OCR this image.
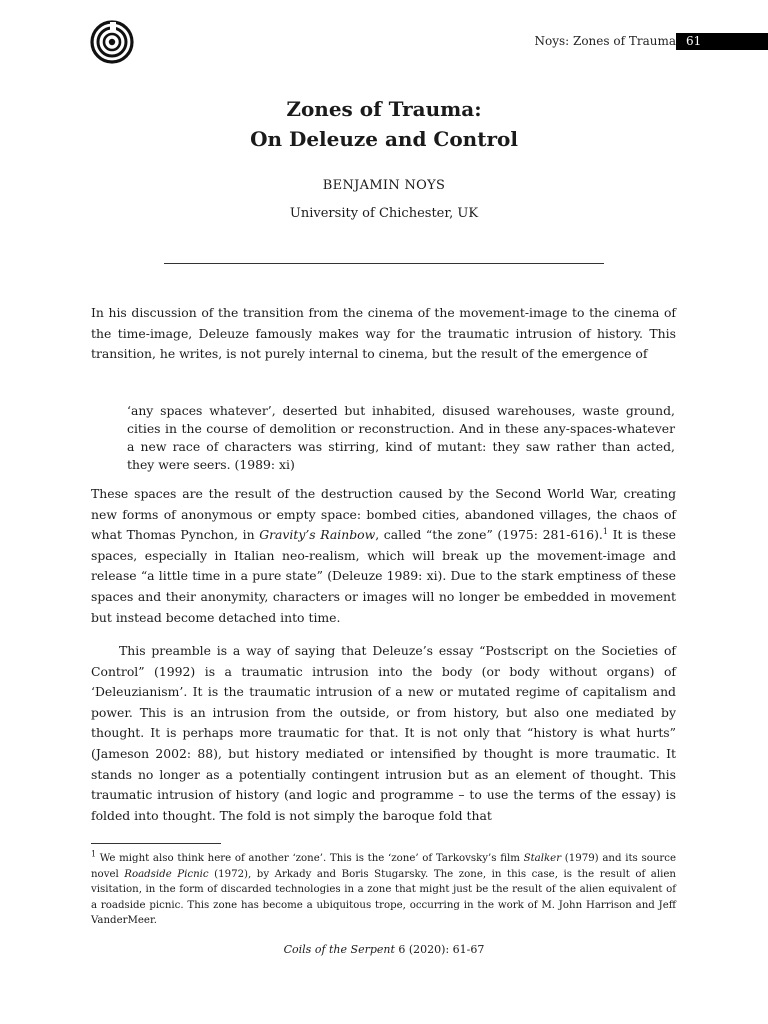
Noys: Zones of Trauma 61
Zones of Trauma:
On Deleuze and Control
BENJAMIN NOYS
University of Chichester, UK

In his discussion of the transition from the cinema of the movement-image to the cinema of the time-image, Deleuze famously makes way for the traumatic intrusion of history. This transition, he writes, is not purely internal to cinema, but the result of the emergence of

‘any spaces whatever’, deserted but inhabited, disused warehouses, waste ground, cities in the course of demolition or reconstruction. And in these any-spaces-whatever a new race of characters was stirring, kind of mutant: they saw rather than acted, they were seers. (1989: xi)

These spaces are the result of the destruction caused by the Second World War, creating new forms of anonymous or empty space: bombed cities, abandoned villages, the chaos of what Thomas Pynchon, in Gravity’s Rainbow, called “the zone” (1975: 281-616).$^1$ It is these spaces, especially in Italian neo-realism, which will break up the movement-image and release “a little time in a pure state” (Deleuze 1989: xi). Due to the stark emptiness of these spaces and their anonymity, characters or images will no longer be embedded in movement but instead become detached into time.

This preamble is a way of saying that Deleuze’s essay “Postscript on the Societies of Control” (1992) is a traumatic intrusion into the body (or body without organs) of ‘Deleuzianism’. It is the traumatic intrusion of a new or mutated regime of capitalism and power. This is an intrusion from the outside, or from history, but also one mediated by thought. It is perhaps more traumatic for that. It is not only that “history is what hurts” (Jameson 2002: 88), but history mediated or intensified by thought is more traumatic. It stands no longer as a potentially contingent intrusion but as an element of thought. This traumatic intrusion of history (and logic and programme – to use the terms of the essay) is folded into thought. The fold is not simply the baroque fold that

$^1$ We might also think here of another ‘zone’. This is the ‘zone’ of Tarkovsky’s film Stalker (1979) and its source novel Roadside Picnic (1972), by Arkady and Boris Stugarsky. The zone, in this case, is the result of alien visitation, in the form of discarded technologies in a zone that might just be the result of the alien equivalent of a roadside picnic. This zone has become a ubiquitous trope, occurring in the work of M. John Harrison and Jeff VanderMeer.

Coils of the Serpent 6 (2020): 61-67
